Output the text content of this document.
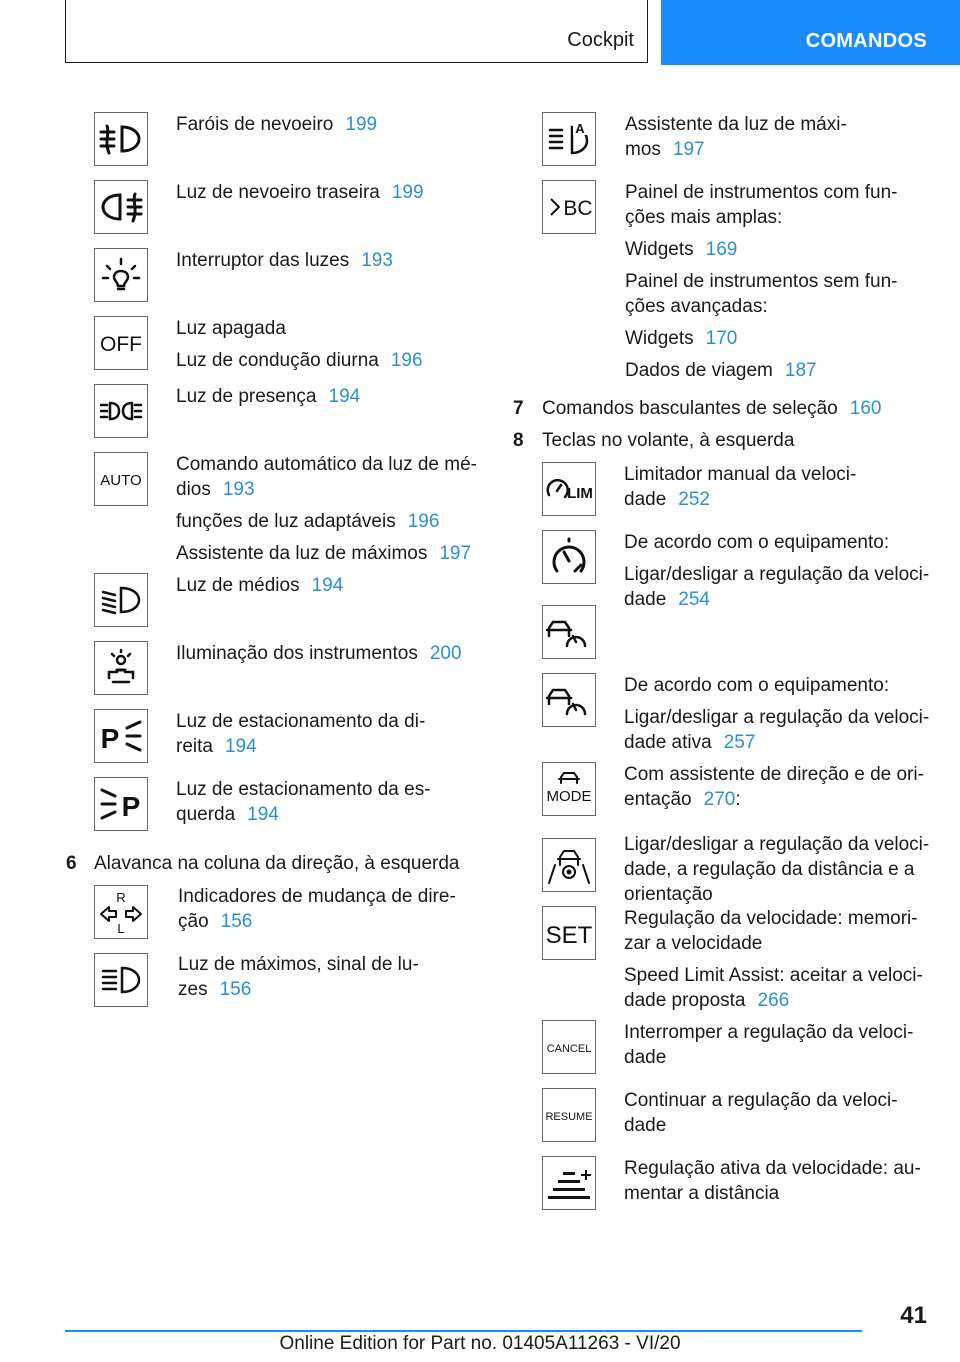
Cockpit	COMANDOS
Faróis de nevoeiro 199
Luz de nevoeiro traseira 199
Interruptor das luzes 193
OFF
Luz apagada
Luz de condução diurna 196
Luz de presença 194
AUTO
Comando automático da luz de mé-
dios 193
funções de luz adaptáveis 196
Assistente da luz de máximos 197
Luz de médios 194
Iluminação dos instrumentos 200
P
Luz de estacionamento da di-
reita 194
P
Luz de estacionamento da es-
querda 194
6 Alavanca na coluna da direção, à esquerda
R
L
Indicadores de mudança de dire-
ção 156
Luz de máximos, sinal de lu-
zes 156
A Assistente da luz de máxi-
mos 197
BC
Painel de instrumentos com fun-
ções mais amplas:
Widgets 169
Painel de instrumentos sem fun-
ções avançadas:
Widgets 170
Dados de viagem 187
7 Comandos basculantes de seleção 160
8 Teclas no volante, à esquerda
LIM
Limitador manual da veloci-
dade 252
De acordo com o equipamento:
Ligar/desligar a regulação da veloci-
dade 254
De acordo com o equipamento:
Ligar/desligar a regulação da veloci-
dade ativa 257
MODE
Com assistente de direção e de ori-
entação 270:
Ligar/desligar a regulação da veloci-
dade, a regulação da distância e a
orientação
SET
Regulação da velocidade: memori-
zar a velocidade
Speed Limit Assist: aceitar a veloci-
dade proposta 266
CANCEL
Interromper a regulação da veloci-
dade
RESUME
Continuar a regulação da veloci-
dade
Regulação ativa da velocidade: au-
mentar a distância
41
Online Edition for Part no. 01405A11263 - VI/20
